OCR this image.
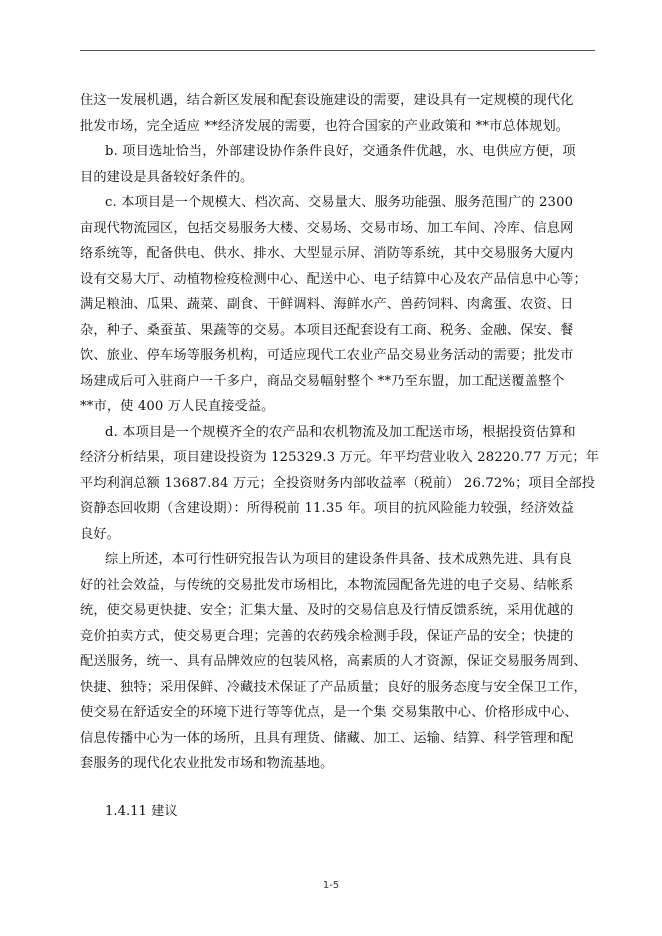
住这一发展机遇，结合新区发展和配套设施建设的需要，建设具有一定规模的现代化
批发市场，完全适应 **经济发展的需要，也符合国家的产业政策和 **市总体规划。
b. 项目选址恰当，外部建设协作条件良好，交通条件优越，水、电供应方便，项
目的建设是具备较好条件的。
c. 本项目是一个规模大、档次高、交易量大、服务功能强、服务范围广的 2300
亩现代物流园区，包括交易服务大楼、交易场、交易市场、加工车间、冷库、信息网
络系统等，配备供电、供水、排水、大型显示屏、消防等系统，其中交易服务大厦内
设有交易大厅、动植物检疫检测中心、配送中心、电子结算中心及农产品信息中心等；
满足粮油、瓜果、蔬菜、副食、干鲜调料、海鲜水产、兽药饲料、肉禽蛋、农资、日
杂，种子、桑蚕茧、果蔬等的交易。本项目还配套设有工商、税务、金融、保安、餐
饮、旅业、停车场等服务机构，可适应现代工农业产品交易业务活动的需要；批发市
场建成后可入驻商户一千多户，商品交易幅射整个 **乃至东盟，加工配送覆盖整个
**市，使 400 万人民直接受益。
d. 本项目是一个规模齐全的农产品和农机物流及加工配送市场，根据投资估算和
经济分析结果，项目建设投资为 125329.3 万元。年平均营业收入 28220.77 万元；年
平均利润总额 13687.84 万元；全投资财务内部收益率（税前） 26.72%；项目全部投
资静态回收期（含建设期）：所得税前 11.35 年。项目的抗风险能力较强，经济效益
良好。
综上所述，本可行性研究报告认为项目的建设条件具备、技术成熟先进、具有良
好的社会效益，与传统的交易批发市场相比，本物流园配备先进的电子交易、结帐系
统，使交易更快捷、安全；汇集大量、及时的交易信息及行情反馈系统，采用优越的
竞价拍卖方式，使交易更合理；完善的农药残余检测手段，保证产品的安全；快捷的
配送服务，统一、具有品牌效应的包装风格，高素质的人才资源，保证交易服务周到、
快捷、独特；采用保鲜、冷藏技术保证了产品质量；良好的服务态度与安全保卫工作，
使交易在舒适安全的环境下进行等等优点，是一个集 交易集散中心、价格形成中心、
信息传播中心为一体的场所，且具有理货、储藏、加工、运输、结算、科学管理和配
套服务的现代化农业批发市场和物流基地。
1.4.11 建议
1-5
